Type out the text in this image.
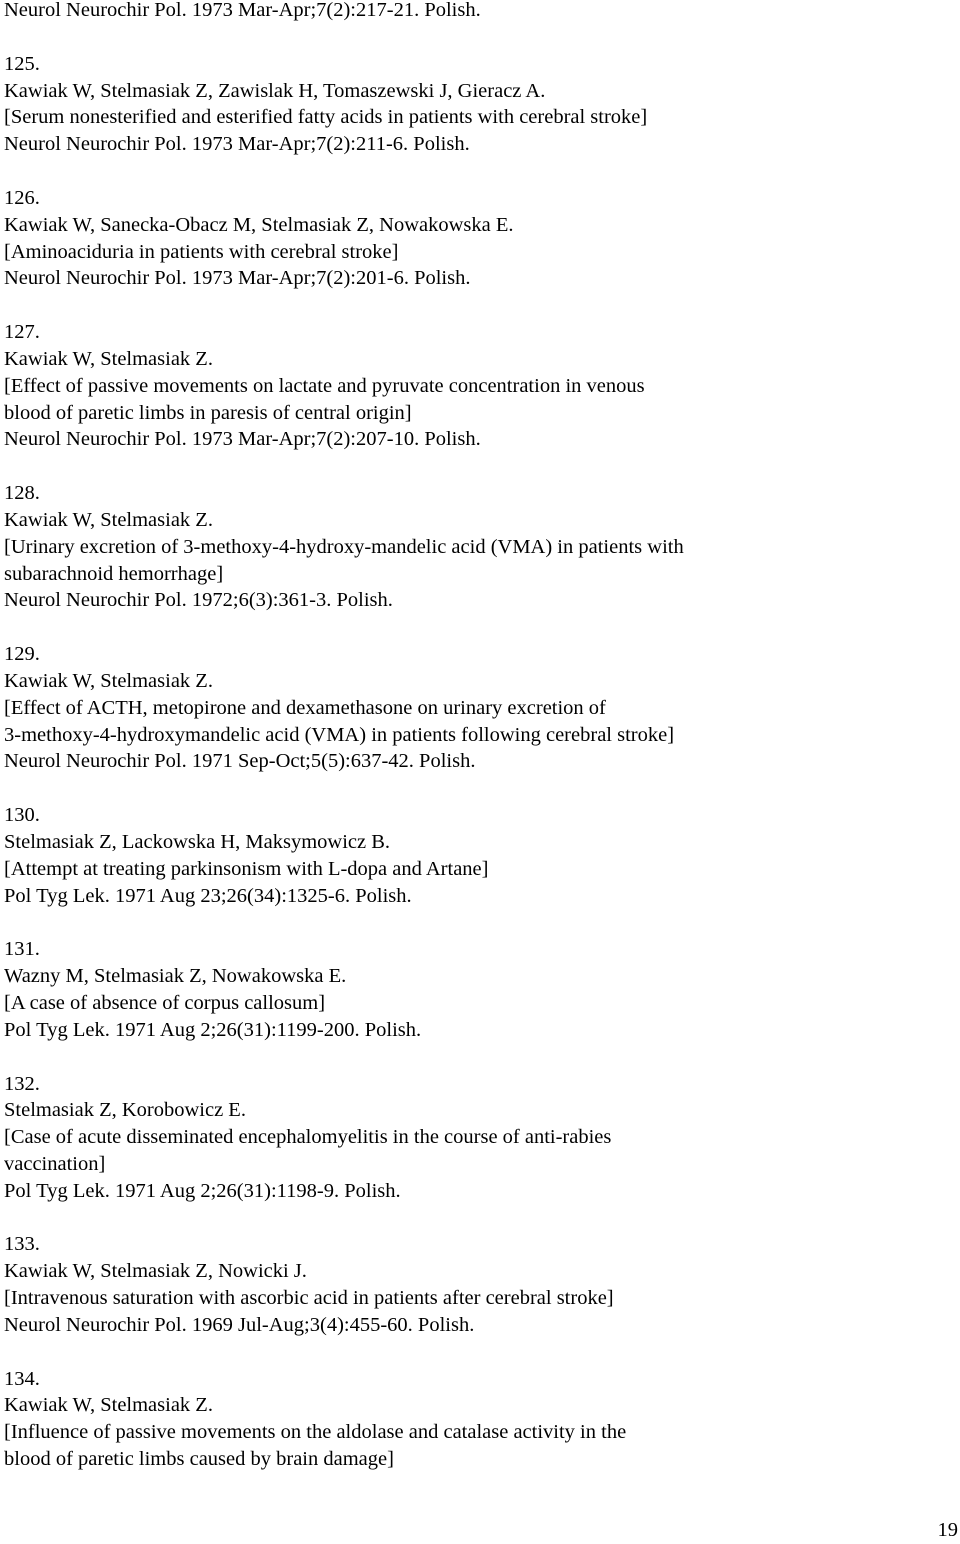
Neurol Neurochir Pol. 1973 Mar-Apr;7(2):217-21. Polish.
125.
Kawiak W, Stelmasiak Z, Zawislak H, Tomaszewski J, Gieracz A.
[Serum nonesterified and esterified fatty acids in patients with cerebral stroke]
Neurol Neurochir Pol. 1973 Mar-Apr;7(2):211-6. Polish.
126.
Kawiak W, Sanecka-Obacz M, Stelmasiak Z, Nowakowska E.
[Aminoaciduria in patients with cerebral stroke]
Neurol Neurochir Pol. 1973 Mar-Apr;7(2):201-6. Polish.
127.
Kawiak W, Stelmasiak Z.
[Effect of passive movements on lactate and pyruvate concentration in venous
blood of paretic limbs in paresis of central origin]
Neurol Neurochir Pol. 1973 Mar-Apr;7(2):207-10. Polish.
128.
Kawiak W, Stelmasiak Z.
[Urinary excretion of 3-methoxy-4-hydroxy-mandelic acid (VMA) in patients with
subarachnoid hemorrhage]
Neurol Neurochir Pol. 1972;6(3):361-3. Polish.
129.
Kawiak W, Stelmasiak Z.
[Effect of ACTH, metopirone and dexamethasone on urinary excretion of
3-methoxy-4-hydroxymandelic acid (VMA) in patients following cerebral stroke]
Neurol Neurochir Pol. 1971 Sep-Oct;5(5):637-42. Polish.
130.
Stelmasiak Z, Lackowska H, Maksymowicz B.
[Attempt at treating parkinsonism with L-dopa and Artane]
Pol Tyg Lek. 1971 Aug 23;26(34):1325-6. Polish.
131.
Wazny M, Stelmasiak Z, Nowakowska E.
[A case of absence of corpus callosum]
Pol Tyg Lek. 1971 Aug 2;26(31):1199-200. Polish.
132.
Stelmasiak Z, Korobowicz E.
[Case of acute disseminated encephalomyelitis in the course of anti-rabies
vaccination]
Pol Tyg Lek. 1971 Aug 2;26(31):1198-9. Polish.
133.
Kawiak W, Stelmasiak Z, Nowicki J.
[Intravenous saturation with ascorbic acid in patients after cerebral stroke]
Neurol Neurochir Pol. 1969 Jul-Aug;3(4):455-60. Polish.
134.
Kawiak W, Stelmasiak Z.
[Influence of passive movements on the aldolase and catalase activity in the
blood of paretic limbs caused by brain damage]
19
